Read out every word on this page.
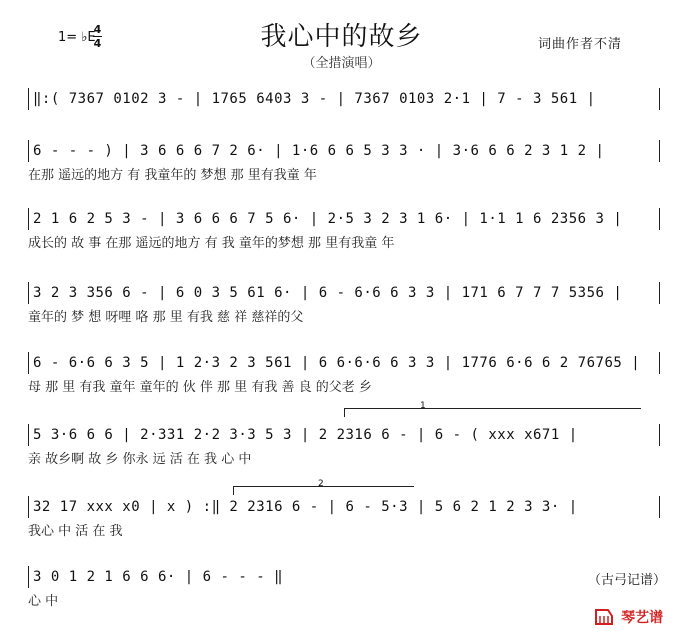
1= ♭E
4
4	我心中的故乡
（全措演唱）
词曲作者不清
‖:( 7367 0102 3 - | 1765 6403 3 - | 7367 0103 2·1 | 7 - 3 561 |
6 - - - ) | 3 6 6 6 7 2 6· | 1·6 6 6 5 3 3 · | 3·6 6 6 2 3 1 2 |
在那 遥远的地方 有 我童年的 梦想 那 里有我童 年
2 1 6 2 5 3 - | 3 6 6 6 7 5 6· | 2·5 3 2 3 1 6· | 1·1 1 6 2356 3 |
成长的 故 事 在那 遥远的地方 有 我 童年的梦想 那 里有我童 年
3 2 3 356 6 - | 6 0 3 5 61 6· | 6 - 6·6 6 3 3 | 171 6 7 7 7 5356 |
童年的 梦 想 呀哩 咯 那 里 有我 慈 祥 慈祥的父
6 - 6·6 6 3 5 | 1 2·3 2 3 561 | 6 6·6·6 6 3 3 | 1776 6·6 6 2 76765 |
母 那 里 有我 童年 童年的 伙 伴 那 里 有我 善 良 的父老 乡
1
5 3·6 6 6 | 2·331 2·2 3·3 5 3 | 2 2316 6 - | 6 - ( xxx x671 |
亲 故乡啊 故 乡 你永 远 活 在 我 心 中
2
32 17 xxx x0 | x ) :‖ 2 2316 6 - | 6 - 5·3 | 5 6 2 1 2 3 3· |
我心 中 活 在 我
3 0 1 2 1 6 6 6· | 6 - - - ‖
心 中
（古弓记谱）
琴艺谱
